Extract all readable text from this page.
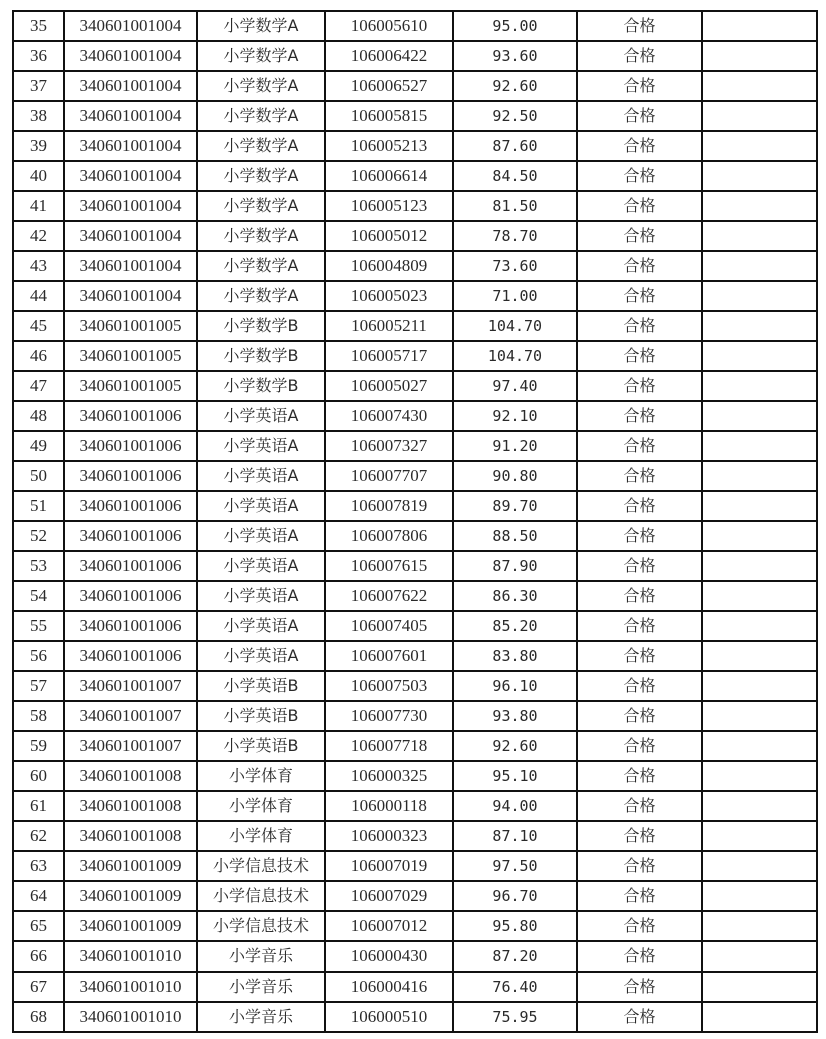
35	340601001004	小学数学A	106005610	95.00	合格	
36	340601001004	小学数学A	106006422	93.60	合格	
37	340601001004	小学数学A	106006527	92.60	合格	
38	340601001004	小学数学A	106005815	92.50	合格	
39	340601001004	小学数学A	106005213	87.60	合格	
40	340601001004	小学数学A	106006614	84.50	合格	
41	340601001004	小学数学A	106005123	81.50	合格	
42	340601001004	小学数学A	106005012	78.70	合格	
43	340601001004	小学数学A	106004809	73.60	合格	
44	340601001004	小学数学A	106005023	71.00	合格	
45	340601001005	小学数学B	106005211	104.70	合格	
46	340601001005	小学数学B	106005717	104.70	合格	
47	340601001005	小学数学B	106005027	97.40	合格	
48	340601001006	小学英语A	106007430	92.10	合格	
49	340601001006	小学英语A	106007327	91.20	合格	
50	340601001006	小学英语A	106007707	90.80	合格	
51	340601001006	小学英语A	106007819	89.70	合格	
52	340601001006	小学英语A	106007806	88.50	合格	
53	340601001006	小学英语A	106007615	87.90	合格	
54	340601001006	小学英语A	106007622	86.30	合格	
55	340601001006	小学英语A	106007405	85.20	合格	
56	340601001006	小学英语A	106007601	83.80	合格	
57	340601001007	小学英语B	106007503	96.10	合格	
58	340601001007	小学英语B	106007730	93.80	合格	
59	340601001007	小学英语B	106007718	92.60	合格	
60	340601001008	小学体育	106000325	95.10	合格	
61	340601001008	小学体育	106000118	94.00	合格	
62	340601001008	小学体育	106000323	87.10	合格	
63	340601001009	小学信息技术	106007019	97.50	合格	
64	340601001009	小学信息技术	106007029	96.70	合格	
65	340601001009	小学信息技术	106007012	95.80	合格	
66	340601001010	小学音乐	106000430	87.20	合格	
67	340601001010	小学音乐	106000416	76.40	合格	
68	340601001010	小学音乐	106000510	75.95	合格	
